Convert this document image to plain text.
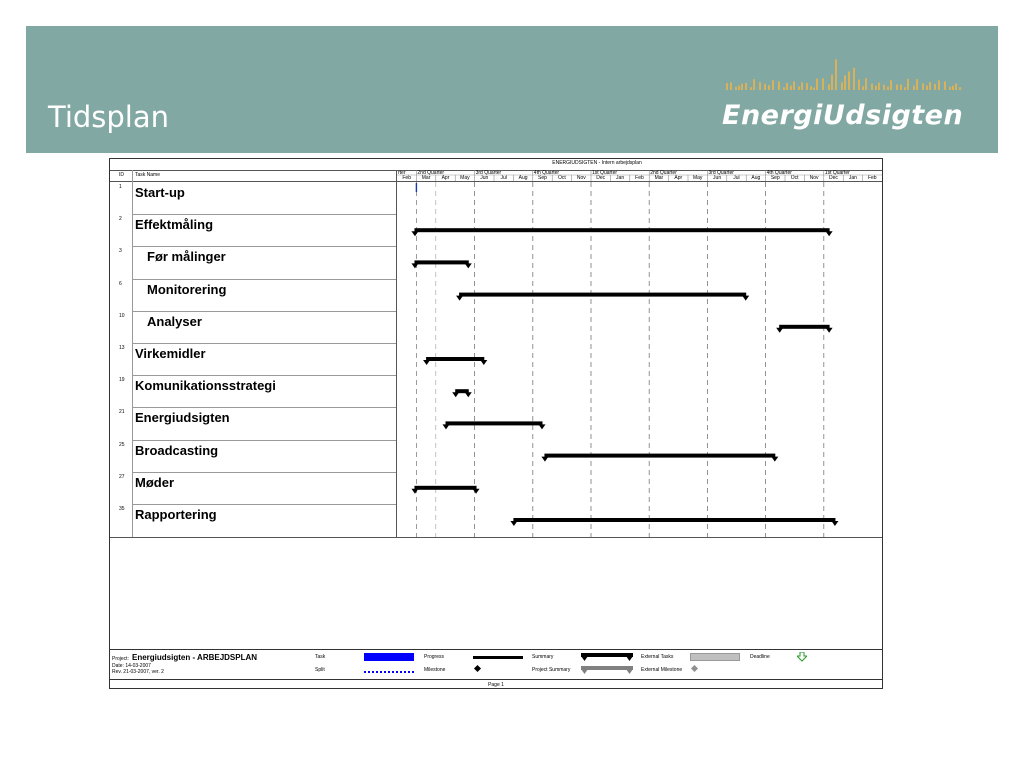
Tidsplan	EnergiUdsigten
ENERGIUDSIGTEN - Intern arbejdsplan
ID Task Name	rter 2nd Quarter	3rd Quarter	4th Quarter	1st Quarter	2nd Quarter	3rd Quarter	4th Quarter	1st Quarter
Feb	Mar	Apr	May	Jun	Jul	Aug	Sep	Oct	Nov	Dec	Jan	Feb	Mar	Apr	May	Jun	Jul	Aug	Sep	Oct	Nov	Dec	Jan	Feb
1 Start-up
2 Effektmåling
3 Før målinger
6 Monitorering
10 Analyser
13 Virkemidler
19 Komunikationsstrategi
21 Energiudsigten
25 Broadcasting
27 Møder
35 Rapportering
Project: Energiudsigten - ARBEJDSPLAN
Date: 14-03-2007
Rev. 21-03-2007, ver. 2
Task
Split
Progress
Milestone
Summary
Project Summary
External Tasks
External Milestone
Deadline
Page 1
